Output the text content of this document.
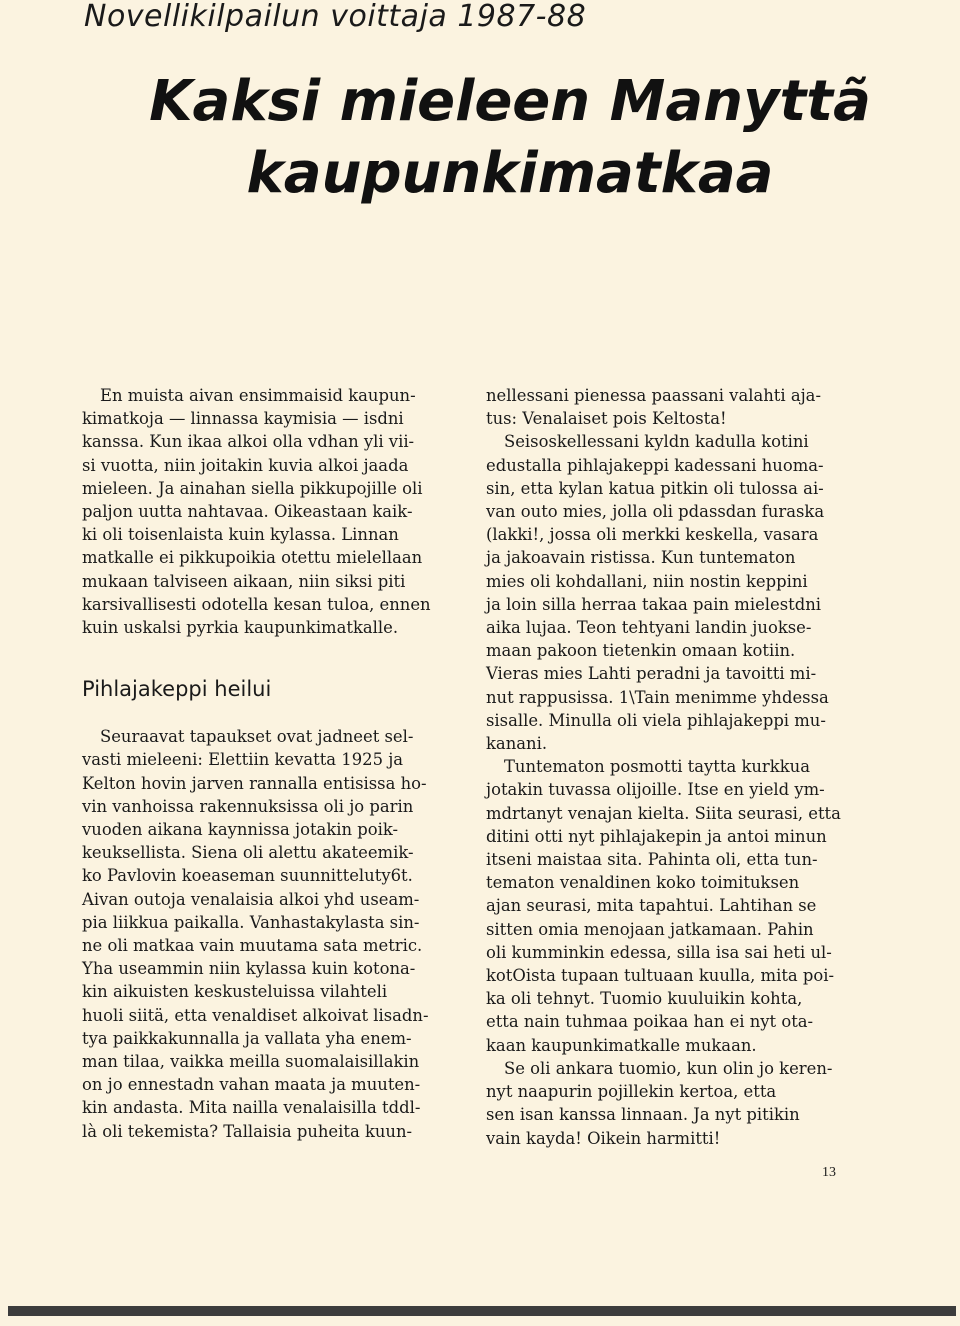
Novellikilpailun voittaja 1987-88
Kaksi mieleen Manyttã
kaupunkimatkaa
En muista aivan ensimmaisid kaupun-
kimatkoja — linnassa kaymisia — isdni
kanssa. Kun ikaa alkoi olla vdhan yli vii-
si vuotta, niin joitakin kuvia alkoi jaada
mieleen. Ja ainahan siella pikkupojille oli
paljon uutta nahtavaa. Oikeastaan kaik-
ki oli toisenlaista kuin kylassa. Linnan
matkalle ei pikkupoikia otettu mielellaan
mukaan talviseen aikaan, niin siksi piti
karsivallisesti odotella kesan tuloa, ennen
kuin uskalsi pyrkia kaupunkimatkalle.
Pihlajakeppi heilui
Seuraavat tapaukset ovat jadneet sel-
vasti mieleeni: Elettiin kevatta 1925 ja
Kelton hovin jarven rannalla entisissa ho-
vin vanhoissa rakennuksissa oli jo parin
vuoden aikana kaynnissa jotakin poik-
keuksellista. Siena oli alettu akateemik-
ko Pavlovin koeaseman suunnitteluty6t.
Aivan outoja venalaisia alkoi yhd useam-
pia liikkua paikalla. Vanhastakylasta sin-
ne oli matkaa vain muutama sata metric.
Yha useammin niin kylassa kuin kotona-
kin aikuisten keskusteluissa vilahteli
huoli siitä, etta venaldiset alkoivat lisadn-
tya paikkakunnalla ja vallata yha enem-
man tilaa, vaikka meilla suomalaisillakin
on jo ennestadn vahan maata ja muuten-
kin andasta. Mita nailla venalaisilla tddl-
là oli tekemista? Tallaisia puheita kuun-
nellessani pienessa paassani valahti aja-
tus: Venalaiset pois Keltosta!
Seisoskellessani kyldn kadulla kotini
edustalla pihlajakeppi kadessani huoma-
sin, etta kylan katua pitkin oli tulossa ai-
van outo mies, jolla oli pdassdan furaska
(lakki!, jossa oli merkki keskella, vasara
ja jakoavain ristissa. Kun tuntematon
mies oli kohdallani, niin nostin keppini
ja loin silla herraa takaa pain mielestdni
aika lujaa. Teon tehtyani landin juokse-
maan pakoon tietenkin omaan kotiin.
Vieras mies Lahti peradni ja tavoitti mi-
nut rappusissa. 1\Tain menimme yhdessa
sisalle. Minulla oli viela pihlajakeppi mu-
kanani.
Tuntematon posmotti taytta kurkkua
jotakin tuvassa olijoille. Itse en yield ym-
mdrtanyt venajan kielta. Siita seurasi, etta
ditini otti nyt pihlajakepin ja antoi minun
itseni maistaa sita. Pahinta oli, etta tun-
tematon venaldinen koko toimituksen
ajan seurasi, mita tapahtui. Lahtihan se
sitten omia menojaan jatkamaan. Pahin
oli kumminkin edessa, silla isa sai heti ul-
kotOista tupaan tultuaan kuulla, mita poi-
ka oli tehnyt. Tuomio kuuluikin kohta,
etta nain tuhmaa poikaa han ei nyt ota-
kaan kaupunkimatkalle mukaan.
Se oli ankara tuomio, kun olin jo keren-
nyt naapurin pojillekin kertoa, etta
sen isan kanssa linnaan. Ja nyt pitikin
vain kayda! Oikein harmitti!
13
